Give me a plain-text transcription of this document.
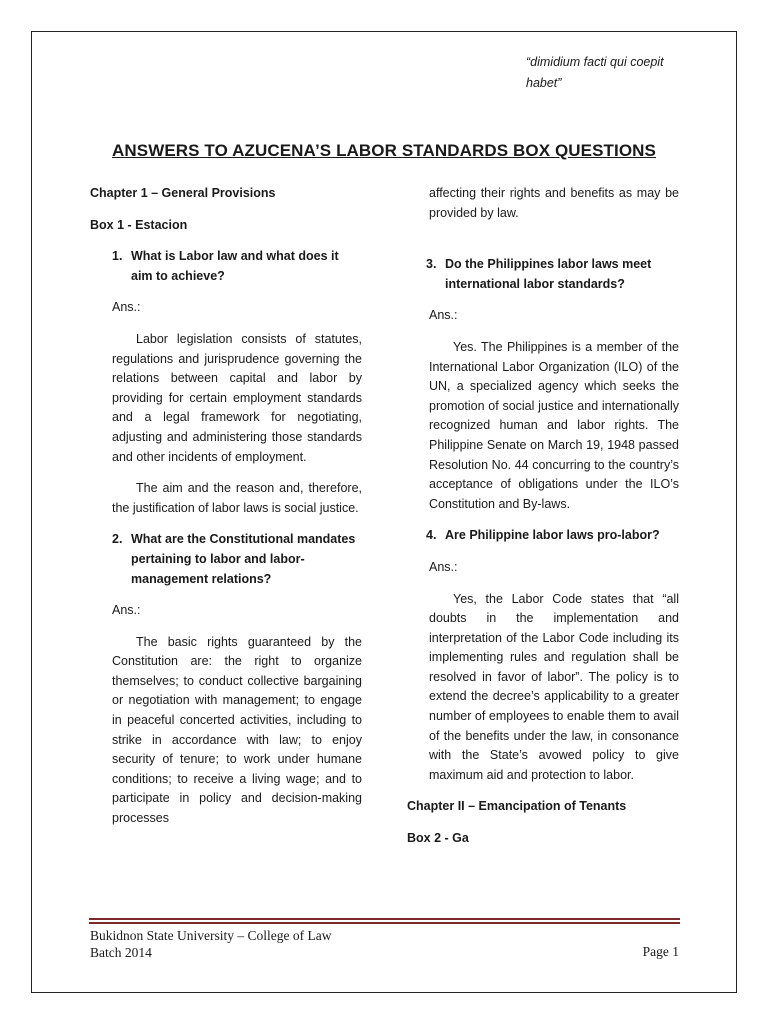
“dimidium facti qui coepit habet”
ANSWERS TO AZUCENA’S LABOR STANDARDS BOX QUESTIONS

Chapter 1 – General Provisions

Box 1 - Estacion

1. What is Labor law and what does it aim to achieve?

Ans.:

Labor legislation consists of statutes, regulations and jurisprudence governing the relations between capital and labor by providing for certain employment standards and a legal framework for negotiating, adjusting and administering those standards and other incidents of employment.

The aim and the reason and, therefore, the justification of labor laws is social justice.

2. What are the Constitutional mandates pertaining to labor and labor-management relations?

Ans.:

The basic rights guaranteed by the Constitution are: the right to organize themselves; to conduct collective bargaining or negotiation with management; to engage in peaceful concerted activities, including to strike in accordance with law; to enjoy security of tenure; to work under humane conditions; to receive a living wage; and to participate in policy and decision-making processes

affecting their rights and benefits as may be provided by law.

3. Do the Philippines labor laws meet international labor standards?

Ans.:

Yes. The Philippines is a member of the International Labor Organization (ILO) of the UN, a specialized agency which seeks the promotion of social justice and internationally recognized human and labor rights. The Philippine Senate on March 19, 1948 passed Resolution No. 44 concurring to the country’s acceptance of obligations under the ILO’s Constitution and By-laws.

4. Are Philippine labor laws pro-labor?

Ans.:

Yes, the Labor Code states that “all doubts in the implementation and interpretation of the Labor Code including its implementing rules and regulation shall be resolved in favor of labor”. The policy is to extend the decree’s applicability to a greater number of employees to enable them to avail of the benefits under the law, in consonance with the State’s avowed policy to give maximum aid and protection to labor.

Chapter II – Emancipation of Tenants

Box 2 - Ga

Bukidnon State University – College of Law
Batch 2014	Page 1
